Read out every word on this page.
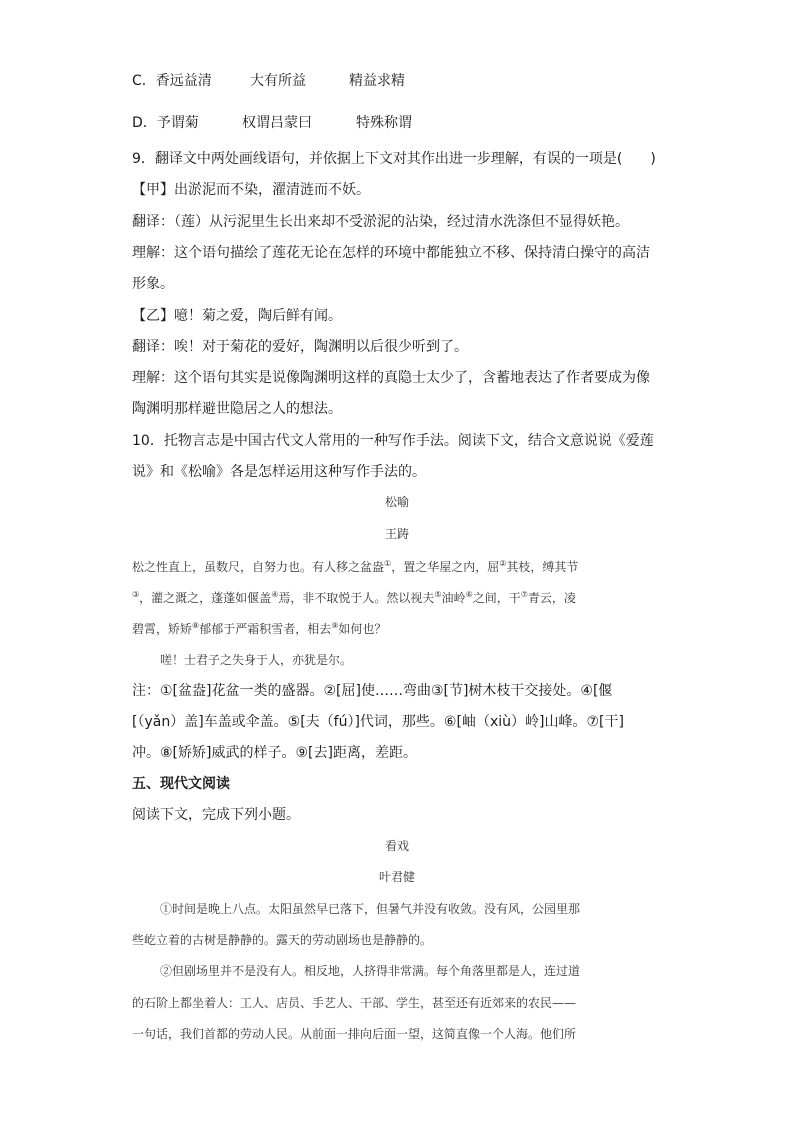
C．香远益清	大有所益	精益求精
D．予谓菊	权谓吕蒙曰	特殊称谓
9．翻译文中两处画线语句，并依据上下文对其作出进一步理解，有误的一项是(　　)
【甲】出淤泥而不染，濯清涟而不妖。
翻译：（莲）从污泥里生长出来却不受淤泥的沾染，经过清水洗涤但不显得妖艳。
理解：这个语句描绘了莲花无论在怎样的环境中都能独立不移、保持清白操守的高洁
形象。
【乙】噫！菊之爱，陶后鲜有闻。
翻译：唉！对于菊花的爱好，陶渊明以后很少听到了。
理解：这个语句其实是说像陶渊明这样的真隐士太少了，含蓄地表达了作者要成为像
陶渊明那样避世隐居之人的想法。
10．托物言志是中国古代文人常用的一种写作手法。阅读下文，结合文意说说《爱莲
说》和《松喻》各是怎样运用这种写作手法的。
松喻
王踌
松之性直上，虽数尺，自努力也。有人移之盆盎①，置之华屋之内，屈②其枝，缚其节
③，灌之溉之，蓬蓬如偃盖④焉，非不取悦于人。然以视夫⑤油岭⑥之间，干⑦青云，凌
碧霄，矫矫⑧郁郁于严霜积雪者，相去⑨如何也？
嗟！士君子之失身于人，亦犹是尔。
注：①[盆盎]花盆一类的盛器。②[屈]使……弯曲③[节]树木枝干交接处。④[偃
[（yǎn）盖]车盖或伞盖。⑤[夫（fú）]代词，那些。⑥[岫（xiù）岭]山峰。⑦[干]
冲。⑧[矫矫]威武的样子。⑨[去]距离，差距。
五、现代文阅读
阅读下文，完成下列小题。
看戏
叶君健
①时间是晚上八点。太阳虽然早已落下，但暑气并没有收敛。没有风，公园里那
些屹立着的古树是静静的。露天的劳动剧场也是静静的。
②但剧场里并不是没有人。相反地，人挤得非常满。每个角落里都是人，连过道
的石阶上都坐着人：工人、店员、手艺人、干部、学生，甚至还有近郊来的农民——
一句话，我们首都的劳动人民。从前面一排向后面一望，这简直像一个人海。他们所
